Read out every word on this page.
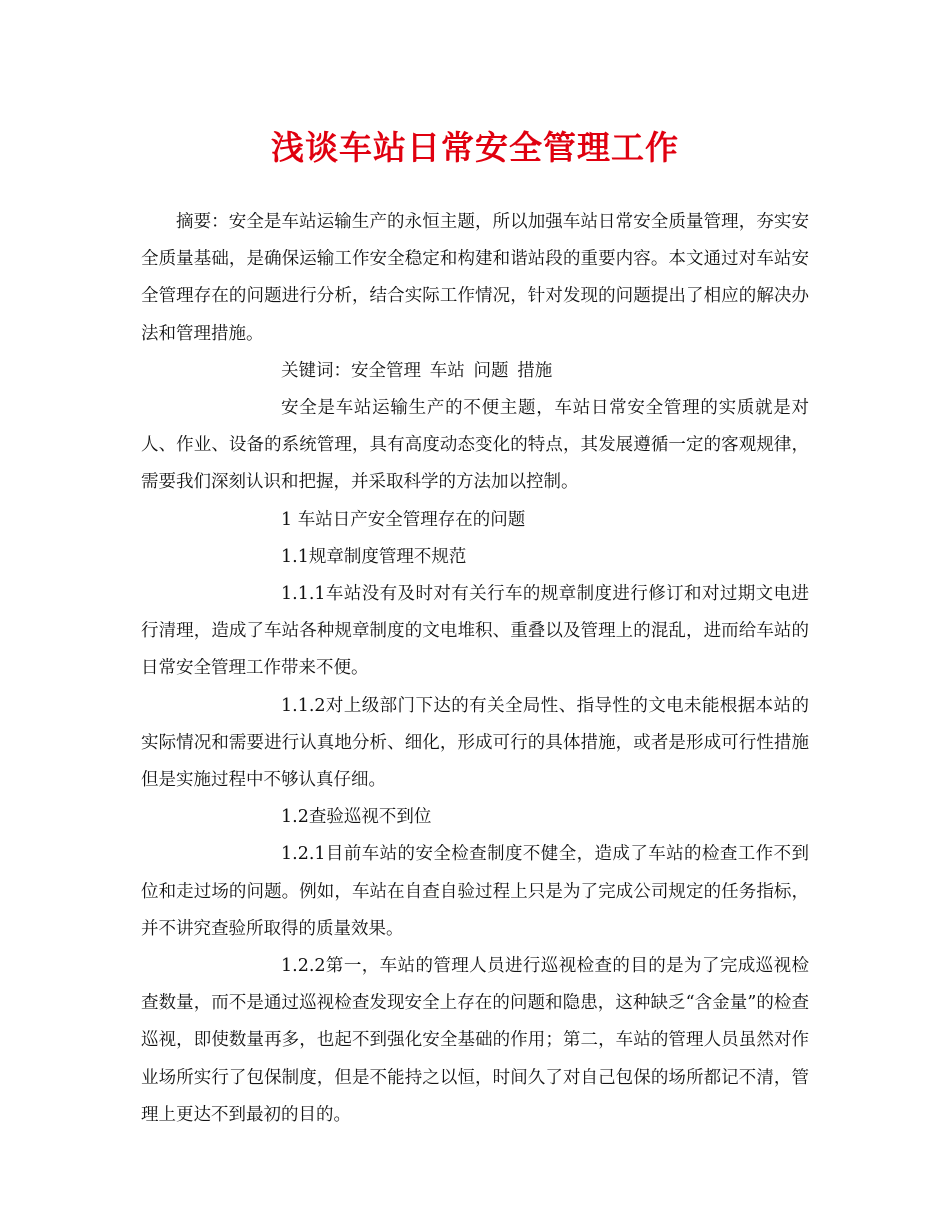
浅谈车站日常安全管理工作

摘要：安全是车站运输生产的永恒主题，所以加强车站日常安全质量管理，夯实安全质量基础，是确保运输工作安全稳定和构建和谐站段的重要内容。本文通过对车站安全管理存在的问题进行分析，结合实际工作情况，针对发现的问题提出了相应的解决办法和管理措施。

关键词：安全管理 车站 问题 措施

安全是车站运输生产的不便主题，车站日常安全管理的实质就是对人、作业、设备的系统管理，具有高度动态变化的特点，其发展遵循一定的客观规律，需要我们深刻认识和把握，并采取科学的方法加以控制。

1 车站日产安全管理存在的问题

1.1规章制度管理不规范

1.1.1车站没有及时对有关行车的规章制度进行修订和对过期文电进行清理，造成了车站各种规章制度的文电堆积、重叠以及管理上的混乱，进而给车站的日常安全管理工作带来不便。

1.1.2对上级部门下达的有关全局性、指导性的文电未能根据本站的实际情况和需要进行认真地分析、细化，形成可行的具体措施，或者是形成可行性措施但是实施过程中不够认真仔细。

1.2查验巡视不到位

1.2.1目前车站的安全检查制度不健全，造成了车站的检查工作不到位和走过场的问题。例如，车站在自查自验过程上只是为了完成公司规定的任务指标，并不讲究查验所取得的质量效果。

1.2.2第一，车站的管理人员进行巡视检查的目的是为了完成巡视检查数量，而不是通过巡视检查发现安全上存在的问题和隐患，这种缺乏“含金量”的检查巡视，即使数量再多，也起不到强化安全基础的作用；第二，车站的管理人员虽然对作业场所实行了包保制度，但是不能持之以恒，时间久了对自己包保的场所都记不清，管理上更达不到最初的目的。
